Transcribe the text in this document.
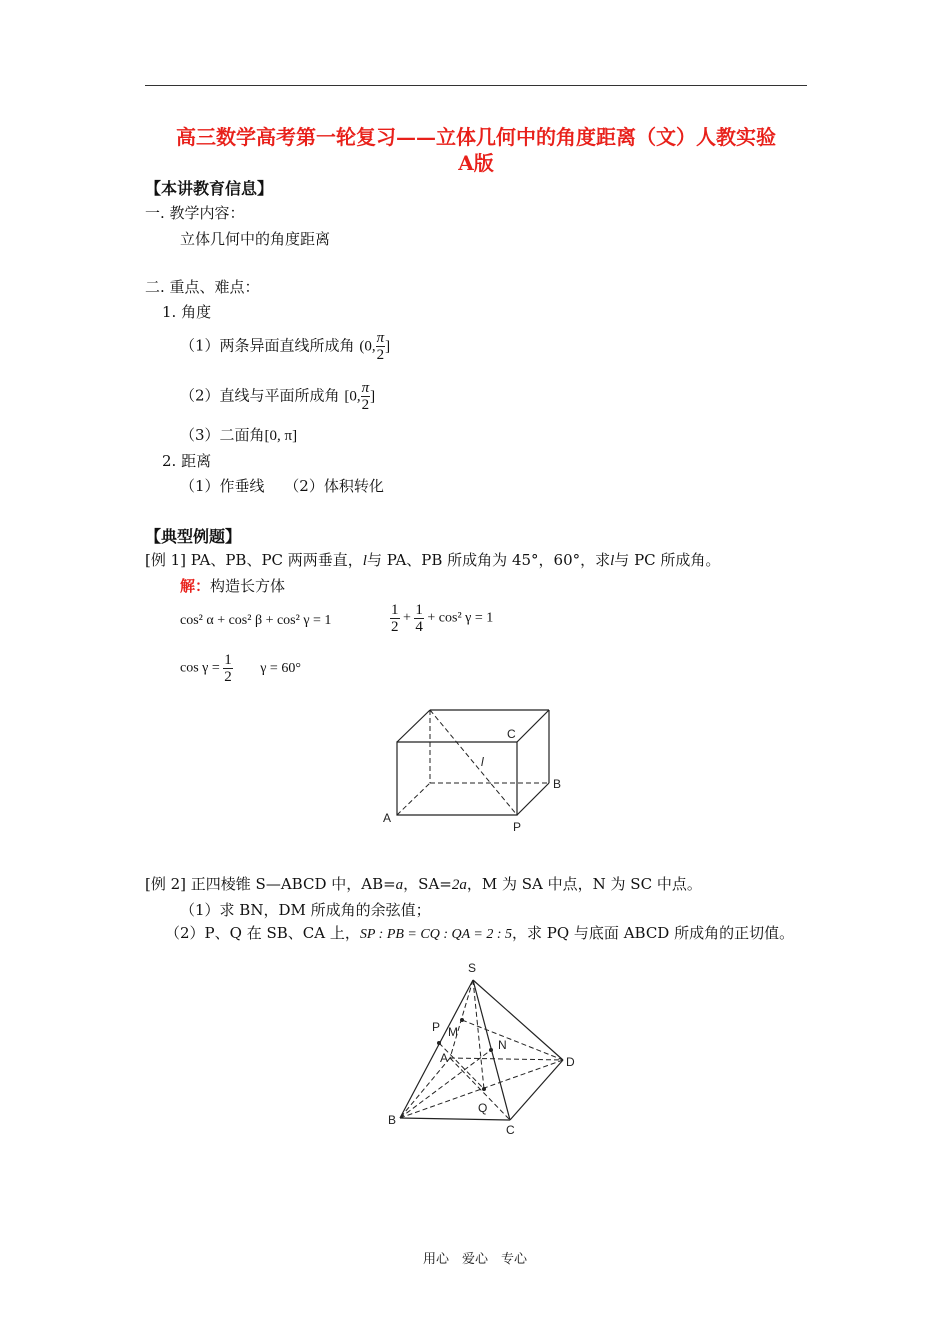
高三数学高考第一轮复习——立体几何中的角度距离（文）人教实验
A版
【本讲教育信息】
一. 教学内容：
立体几何中的角度距离
二. 重点、难点：
1. 角度
（1）两条异面直线所成角 (0, $\frac{\pi}{2}$ ]
（2）直线与平面所成角 [0, $\frac{\pi}{2}$ ]
（3）二面角[0, π]
2. 距离
（1）作垂线　 （2）体积转化
【典型例题】
[例 1] PA、PB、PC 两两垂直，l与 PA、PB 所成角为 45°，60°，求l与 PC 所成角。
解：构造长方体
cos² α + cos² β + cos² γ = 1	$\frac{1}{2} + \frac{1}{4} + \cos^2$ γ = 1
$\cos \gamma = \frac{1}{2}$ γ = 60°
A
B
C
P
l
[例 2] 正四棱锥 S—ABCD 中，AB=a，SA=2a，M 为 SA 中点，N 为 SC 中点。
（1）求 BN，DM 所成角的余弦值；
（2）P、Q 在 SB、CA 上，SP : PB = CQ : QA = 2 : 5，求 PQ 与底面 ABCD 所成角的正切值。
S
P M
A
N
D
Q
B
C
用心　爱心　专心
